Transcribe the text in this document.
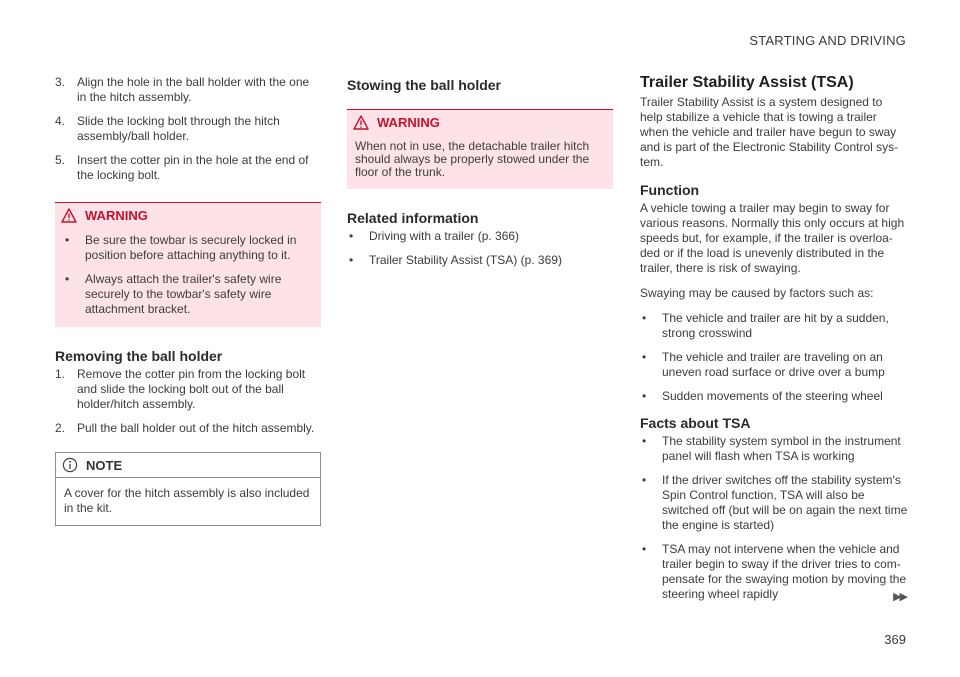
STARTING AND DRIVING
3. Align the hole in the ball holder with the one in the hitch assembly.
4. Slide the locking bolt through the hitch assembly/ball holder.
5. Insert the cotter pin in the hole at the end of the locking bolt.
WARNING
•	Be sure the towbar is securely locked in position before attaching anything to it.
•	Always attach the trailer's safety wire securely to the towbar's safety wire attachment bracket.
Removing the ball holder
1. Remove the cotter pin from the locking bolt and slide the locking bolt out of the ball holder/hitch assembly.
2. Pull the ball holder out of the hitch assembly.
NOTE
A cover for the hitch assembly is also included in the kit.
Stowing the ball holder
WARNING
When not in use, the detachable trailer hitch should always be properly stowed under the floor of the trunk.
Related information
•	Driving with a trailer (p. 366)
•	Trailer Stability Assist (TSA) (p. 369)
Trailer Stability Assist (TSA)

Trailer Stability Assist is a system designed to help stabilize a vehicle that is towing a trailer when the vehicle and trailer have begun to sway and is part of the Electronic Stability Control sys-tem.

Function

A vehicle towing a trailer may begin to sway for various reasons. Normally this only occurs at high speeds but, for example, if the trailer is overloa-ded or if the load is unevenly distributed in the trailer, there is risk of swaying.

Swaying may be caused by factors such as:

•	The vehicle and trailer are hit by a sudden, strong crosswind
•	The vehicle and trailer are traveling on an uneven road surface or drive over a bump
•	Sudden movements of the steering wheel
Facts about TSA
•	The stability system symbol in the instrument panel will flash when TSA is working
•	If the driver switches off the stability system's Spin Control function, TSA will also be switched off (but will be on again the next time the engine is started)
•	TSA may not intervene when the vehicle and trailer begin to sway if the driver tries to com-pensate for the swaying motion by moving the steering wheel rapidly	▶▶
369
